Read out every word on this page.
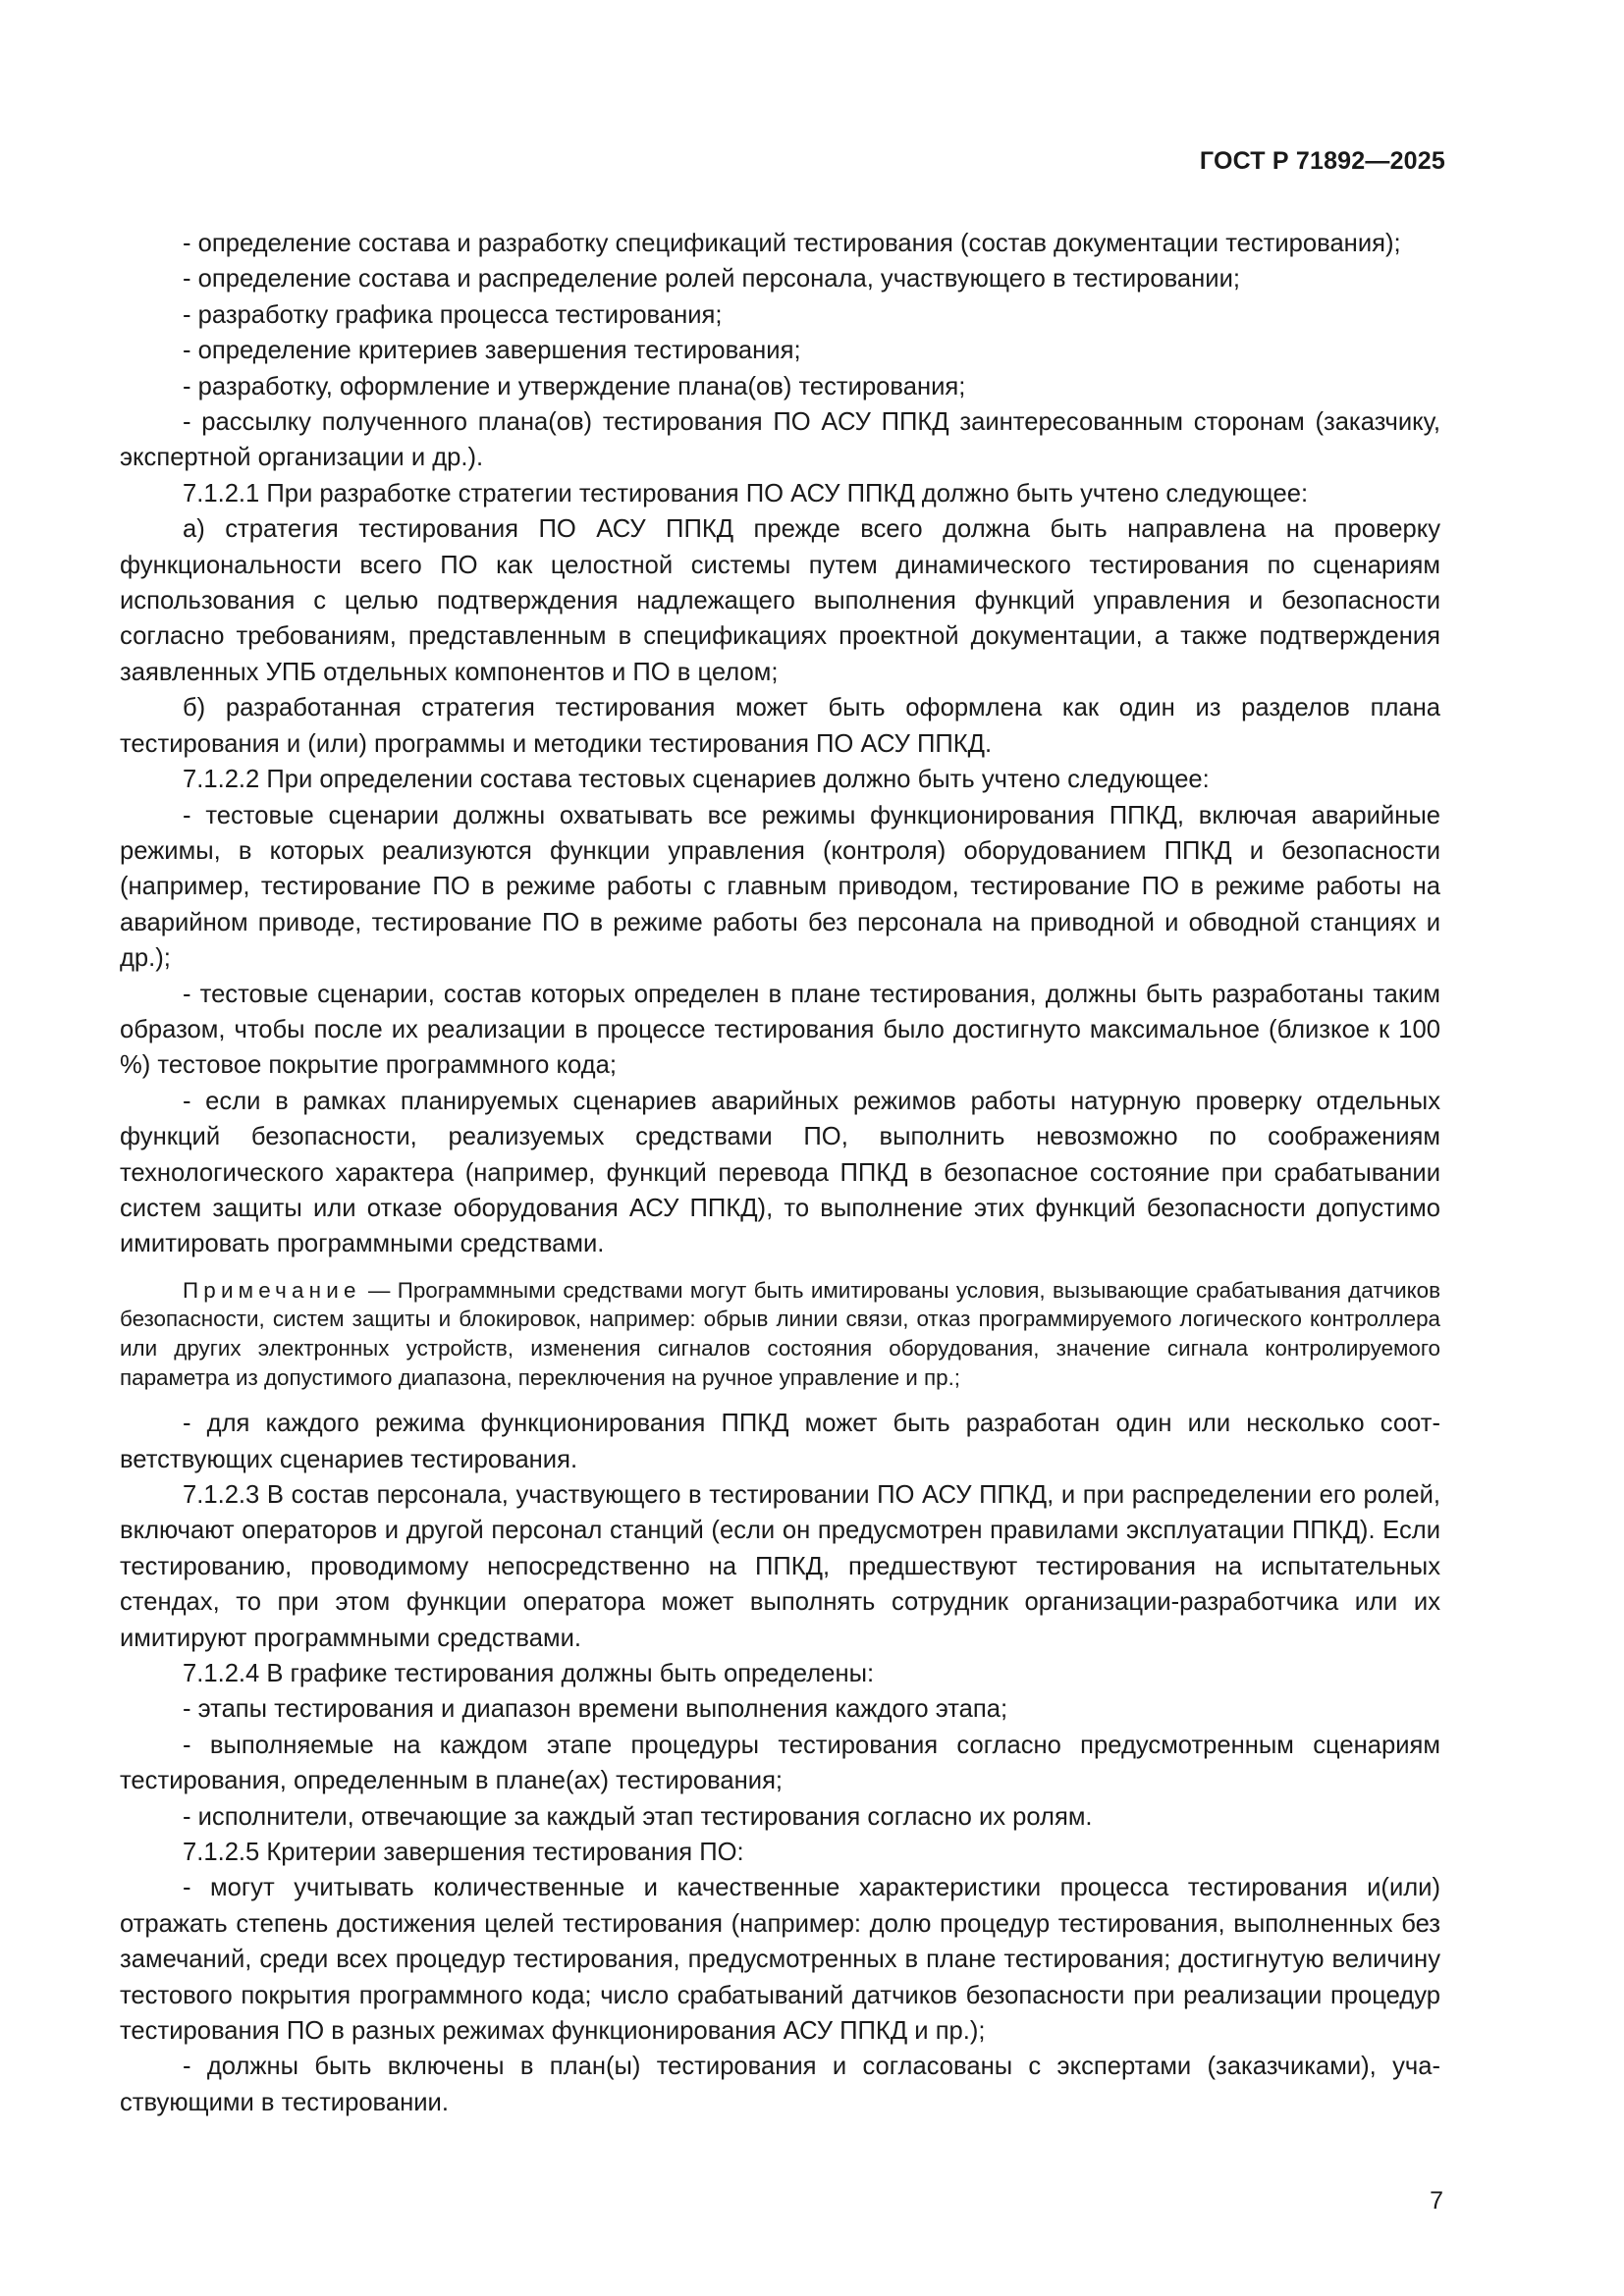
ГОСТ Р 71892—2025

- определение состава и разработку спецификаций тестирования (состав документации тестирования);

- определение состава и распределение ролей персонала, участвующего в тестировании;

- разработку графика процесса тестирования;

- определение критериев завершения тестирования;

- разработку, оформление и утверждение плана(ов) тестирования;

- рассылку полученного плана(ов) тестирования ПО АСУ ППКД заинтересованным сторонам (заказчику, экспертной организации и др.).

7.1.2.1 При разработке стратегии тестирования ПО АСУ ППКД должно быть учтено следующее:

а) стратегия тестирования ПО АСУ ППКД прежде всего должна быть направлена на проверку функциональности всего ПО как целостной системы путем динамического тестирования по сценариям использования с целью подтверждения надлежащего выполнения функций управления и безопасности согласно требованиям, представленным в спецификациях проектной документации, а также подтверждения заявленных УПБ отдельных компонентов и ПО в целом;

б) разработанная стратегия тестирования может быть оформлена как один из разделов плана тестирования и (или) программы и методики тестирования ПО АСУ ППКД.

7.1.2.2 При определении состава тестовых сценариев должно быть учтено следующее:

- тестовые сценарии должны охватывать все режимы функционирования ППКД, включая аварийные режимы, в которых реализуются функции управления (контроля) оборудованием ППКД и безопасности (например, тестирование ПО в режиме работы с главным приводом, тестирование ПО в режиме работы на аварийном приводе, тестирование ПО в режиме работы без персонала на приводной и обводной станциях и др.);

- тестовые сценарии, состав которых определен в плане тестирования, должны быть разработаны таким образом, чтобы после их реализации в процессе тестирования было достигнуто максимальное (близкое к 100 %) тестовое покрытие программного кода;

- если в рамках планируемых сценариев аварийных режимов работы натурную проверку отдельных функций безопасности, реализуемых средствами ПО, выполнить невозможно по соображениям технологического характера (например, функций перевода ППКД в безопасное состояние при срабатывании систем защиты или отказе оборудования АСУ ППКД), то выполнение этих функций безопасности допустимо имитировать программными средствами.

Примечание — Программными средствами могут быть имитированы условия, вызывающие срабатывания датчиков безопасности, систем защиты и блокировок, например: обрыв линии связи, отказ программируемого логического контроллера или других электронных устройств, изменения сигналов состояния оборудования, значение сигнала контролируемого параметра из допустимого диапазона, переключения на ручное управление и пр.;

- для каждого режима функционирования ППКД может быть разработан один или несколько соответствующих сценариев тестирования.

7.1.2.3 В состав персонала, участвующего в тестировании ПО АСУ ППКД, и при распределении его ролей, включают операторов и другой персонал станций (если он предусмотрен правилами эксплуатации ППКД). Если тестированию, проводимому непосредственно на ППКД, предшествуют тестирования на испытательных стендах, то при этом функции оператора может выполнять сотрудник организации-разработчика или их имитируют программными средствами.

7.1.2.4 В графике тестирования должны быть определены:

- этапы тестирования и диапазон времени выполнения каждого этапа;

- выполняемые на каждом этапе процедуры тестирования согласно предусмотренным сценариям тестирования, определенным в плане(ах) тестирования;

- исполнители, отвечающие за каждый этап тестирования согласно их ролям.

7.1.2.5 Критерии завершения тестирования ПО:

- могут учитывать количественные и качественные характеристики процесса тестирования и(или) отражать степень достижения целей тестирования (например: долю процедур тестирования, выполненных без замечаний, среди всех процедур тестирования, предусмотренных в плане тестирования; достигнутую величину тестового покрытия программного кода; число срабатываний датчиков безопасности при реализации процедур тестирования ПО в разных режимах функционирования АСУ ППКД и пр.);

- должны быть включены в план(ы) тестирования и согласованы с экспертами (заказчиками), участвующими в тестировании.

7
